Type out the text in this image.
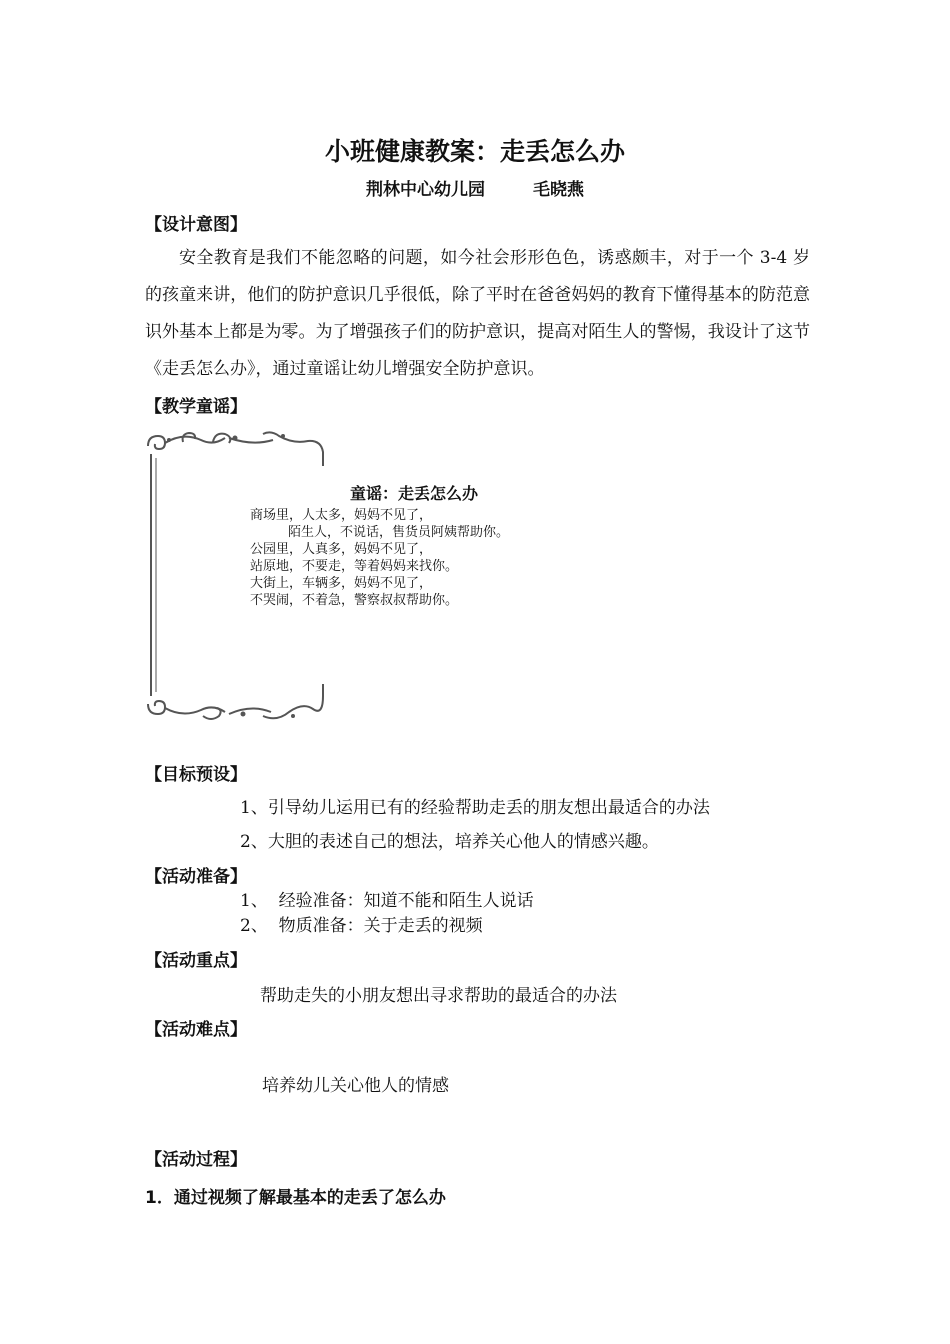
小班健康教案：走丢怎么办
荆林中心幼儿园	毛晓燕
【设计意图】
安全教育是我们不能忽略的问题，如今社会形形色色，诱惑颇丰，对于一个 3-4 岁的孩童来讲，他们的防护意识几乎很低，除了平时在爸爸妈妈的教育下懂得基本的防范意识外基本上都是为零。为了增强孩子们的防护意识，提高对陌生人的警惕，我设计了这节《走丢怎么办》，通过童谣让幼儿增强安全防护意识。
【教学童谣】
童谣：走丢怎么办
商场里，人太多，妈妈不见了，
陌生人，不说话，售货员阿姨帮助你。
公园里，人真多，妈妈不见了，
站原地，不要走，等着妈妈来找你。
大街上，车辆多，妈妈不见了，
不哭闹，不着急，警察叔叔帮助你。
【目标预设】
1、引导幼儿运用已有的经验帮助走丢的朋友想出最适合的办法
2、大胆的表述自己的想法，培养关心他人的情感兴趣。
【活动准备】
1、  经验准备：知道不能和陌生人说话
2、  物质准备：关于走丢的视频
【活动重点】
帮助走失的小朋友想出寻求帮助的最适合的办法
【活动难点】
培养幼儿关心他人的情感
【活动过程】
1．通过视频了解最基本的走丢了怎么办
